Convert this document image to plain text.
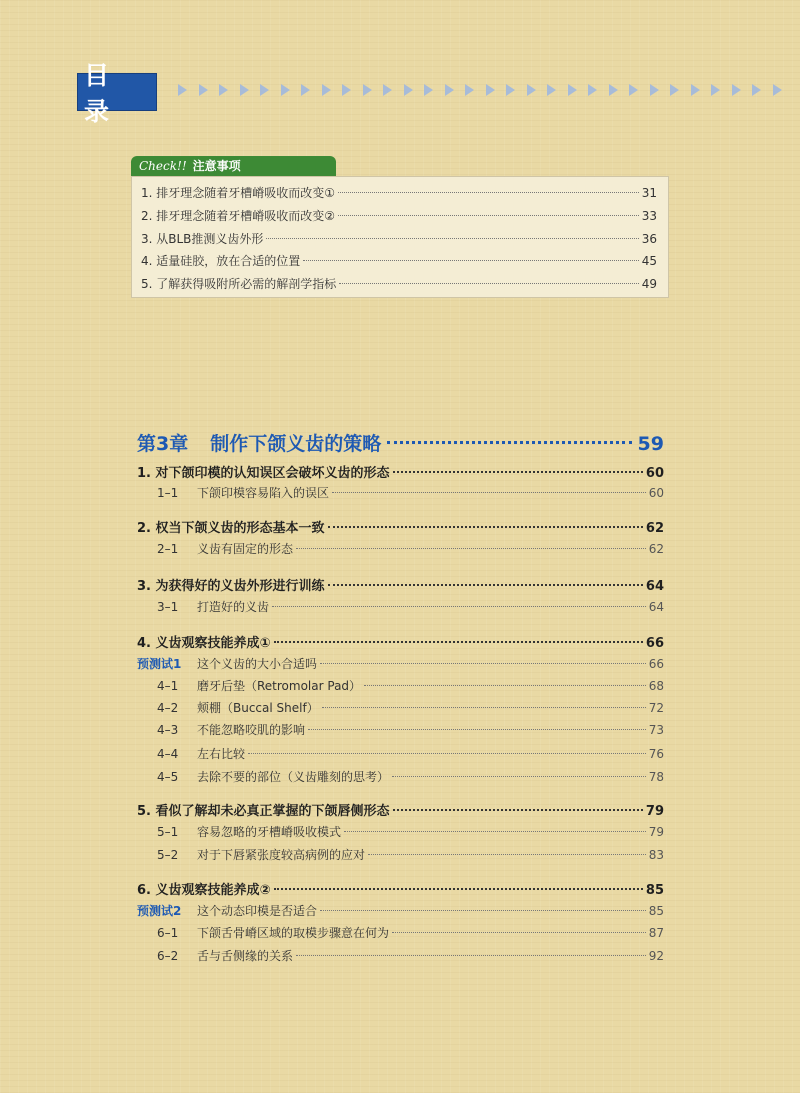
目 录
Check!! 注意事项
1. 排牙理念随着牙槽嵴吸收而改变①	31
2. 排牙理念随着牙槽嵴吸收而改变②	33
3. 从BLB推测义齿外形	36
4. 适量硅胶，放在合适的位置	45
5. 了解获得吸附所必需的解剖学指标	49
第3章 制作下颌义齿的策略	59
1. 对下颌印模的认知误区会破坏义齿的形态	60
1–1 下颌印模容易陷入的误区	60
2. 权当下颌义齿的形态基本一致	62
2–1 义齿有固定的形态	62
3. 为获得好的义齿外形进行训练	64
3–1 打造好的义齿	64
4. 义齿观察技能养成①	66
预测试1 这个义齿的大小合适吗	66
4–1 磨牙后垫（Retromolar Pad）	68
4–2 颊棚（Buccal Shelf）	72
4–3 不能忽略咬肌的影响	73
4–4 左右比较	76
4–5 去除不要的部位（义齿雕刻的思考）	78
5. 看似了解却未必真正掌握的下颌唇侧形态	79
5–1 容易忽略的牙槽嵴吸收模式	79
5–2 对于下唇紧张度较高病例的应对	83
6. 义齿观察技能养成②	85
预测试2 这个动态印模是否适合	85
6–1 下颌舌骨嵴区域的取模步骤意在何为	87
6–2 舌与舌侧缘的关系	92
